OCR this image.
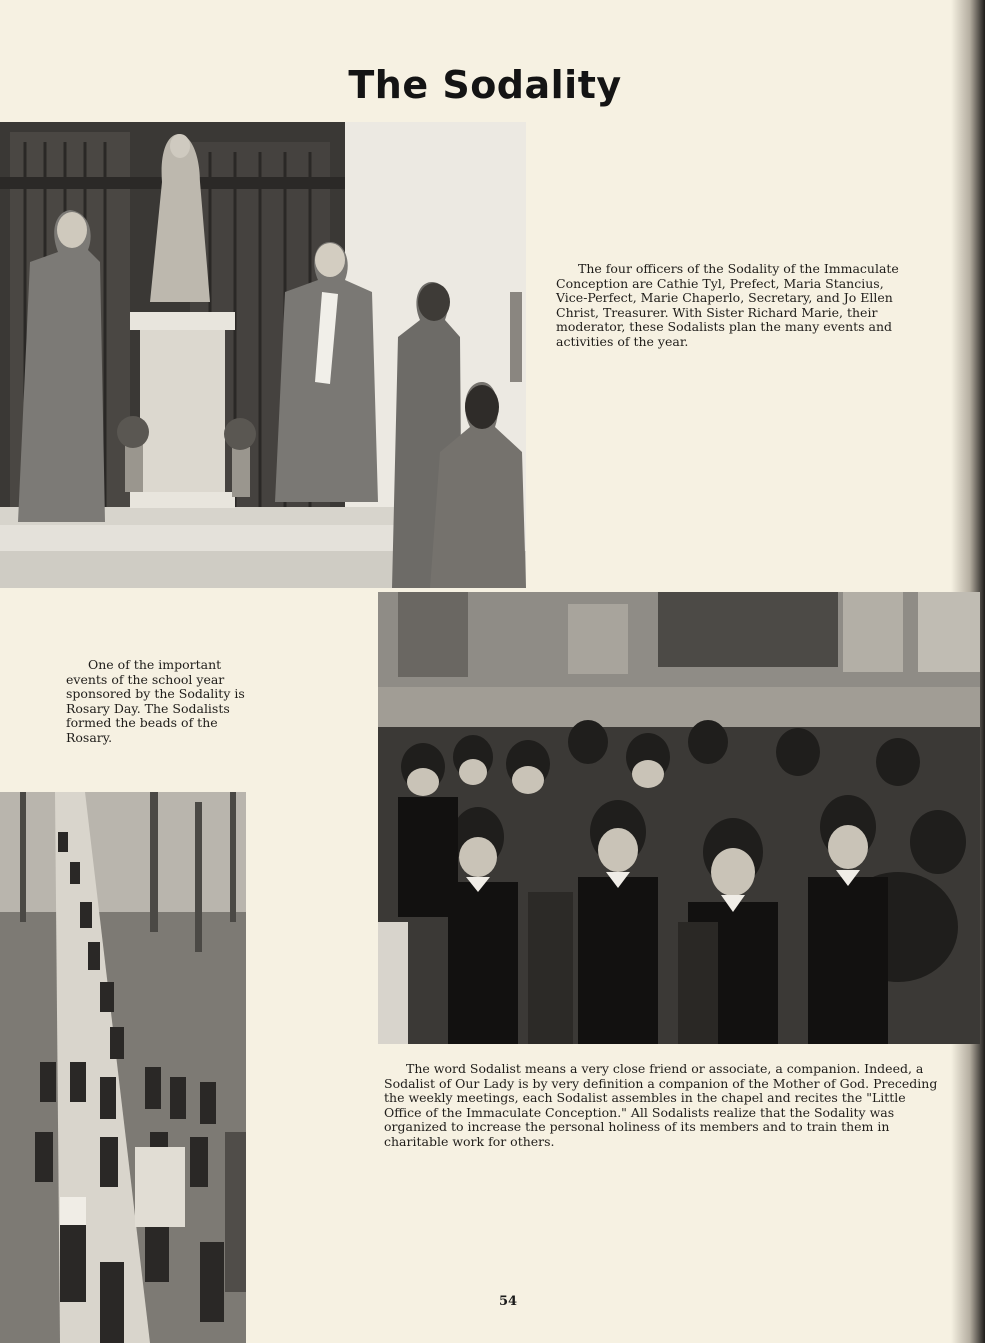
The Sodality

The four officers of the Sodality of the Immaculate Conception are Cathie Tyl, Prefect, Maria Stancius, Vice-Perfect, Marie Chaperlo, Secretary, and Jo Ellen Christ, Treasurer. With Sister Richard Marie, their moderator, these Sodalists plan the many events and activities of the year.

One of the important events of the school year sponsored by the Sodality is Rosary Day. The Sodalists formed the beads of the Rosary.

The word Sodalist means a very close friend or associate, a companion. Indeed, a Sodalist of Our Lady is by very definition a companion of the Mother of God. Preceding the weekly meetings, each Sodalist assembles in the chapel and recites the "Little Office of the Immaculate Conception." All Sodalists realize that the Sodality was organized to increase the personal holiness of its members and to train them in charitable work for others.

54
